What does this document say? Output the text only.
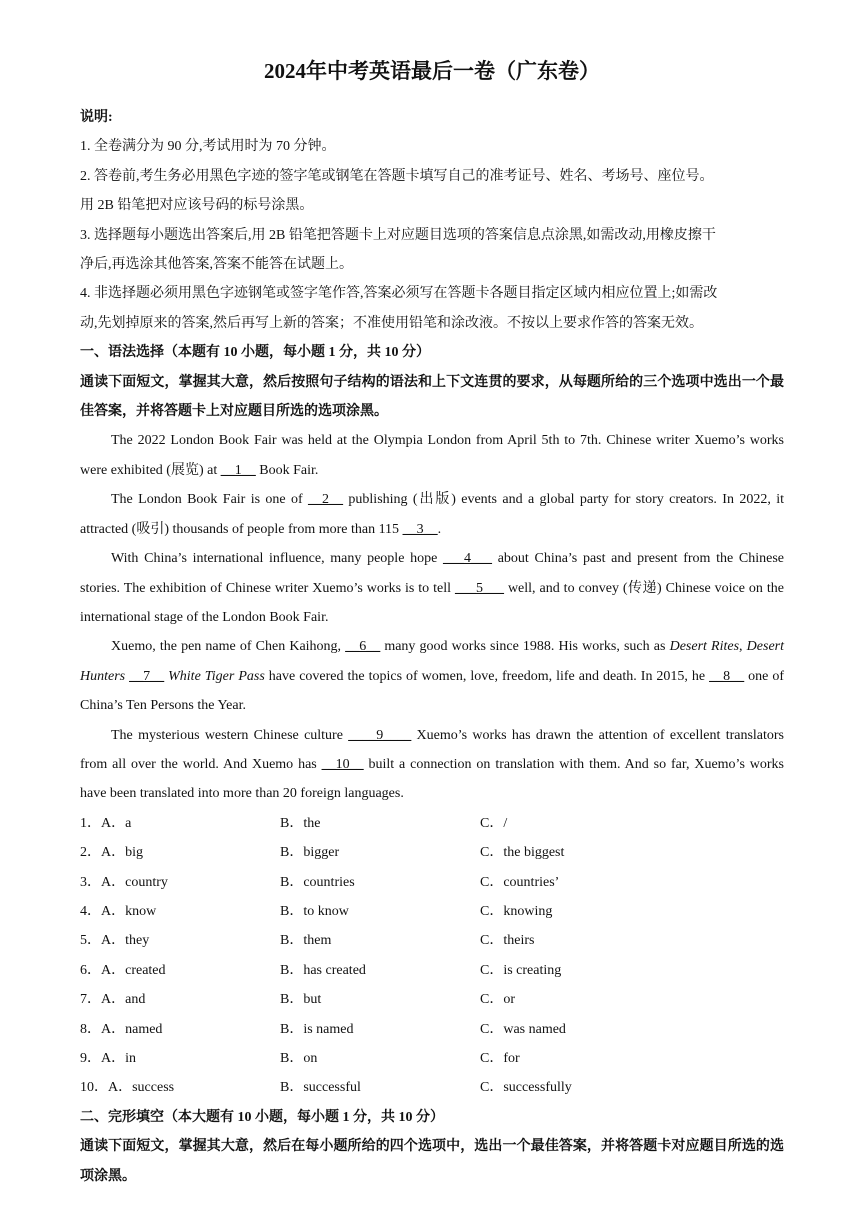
2024年中考英语最后一卷（广东卷）

说明:

1. 全卷满分为 90 分,考试用时为 70 分钟。

2. 答卷前,考生务必用黑色字迹的签字笔或钢笔在答题卡填写自己的准考证号、姓名、考场号、座位号。

用 2B 铅笔把对应该号码的标号涂黑。

3. 选择题每小题选出答案后,用 2B 铅笔把答题卡上对应题目选项的答案信息点涂黑,如需改动,用橡皮擦干

净后,再选涂其他答案,答案不能答在试题上。

4. 非选择题必须用黑色字迹钢笔或签字笔作答,答案必须写在答题卡各题目指定区域内相应位置上;如需改

动,先划掉原来的答案,然后再写上新的答案；不准使用铅笔和涂改液。不按以上要求作答的答案无效。

一、语法选择（本题有 10 小题，每小题 1 分，共 10 分）

通读下面短文，掌握其大意，然后按照句子结构的语法和上下文连贯的要求，从每题所给的三个选项中选出一个最佳答案，并将答题卡上对应题目所选的选项涂黑。

The 2022 London Book Fair was held at the Olympia London from April 5th to 7th. Chinese writer Xuemo’s works were exhibited (展览) at __1__ Book Fair.

The London Book Fair is one of __2__ publishing (出版) events and a global party for story creators. In 2022, it attracted (吸引) thousands of people from more than 115 __3__.

With China’s international influence, many people hope ___4___ about China’s past and present from the Chinese stories. The exhibition of Chinese writer Xuemo’s works is to tell ___5___ well, and to convey (传递) Chinese voice on the international stage of the London Book Fair.

Xuemo, the pen name of Chen Kaihong, __6__ many good works since 1988. His works, such as Desert Rites, Desert Hunters __7__ White Tiger Pass have covered the topics of women, love, freedom, life and death. In 2015, he __8__ one of China’s Ten Persons the Year.

The mysterious western Chinese culture ____9____ Xuemo’s works has drawn the attention of excellent translators from all over the world. And Xuemo has __10__ built a connection on translation with them. And so far, Xuemo’s works have been translated into more than 20 foreign languages.

1．A．a	B．the	C．/
2．A．big	B．bigger	C．the biggest
3．A．country	B．countries	C．countries’
4．A．know	B．to know	C．knowing
5．A．they	B．them	C．theirs
6．A．created	B．has created	C．is creating
7．A．and	B．but	C．or
8．A．named	B．is named	C．was named
9．A．in	B．on	C．for
10．A．success	B．successful	C．successfully

二、完形填空（本大题有 10 小题，每小题 1 分，共 10 分）

通读下面短文，掌握其大意，然后在每小题所给的四个选项中，选出一个最佳答案，并将答题卡对应题目所选的选项涂黑。
